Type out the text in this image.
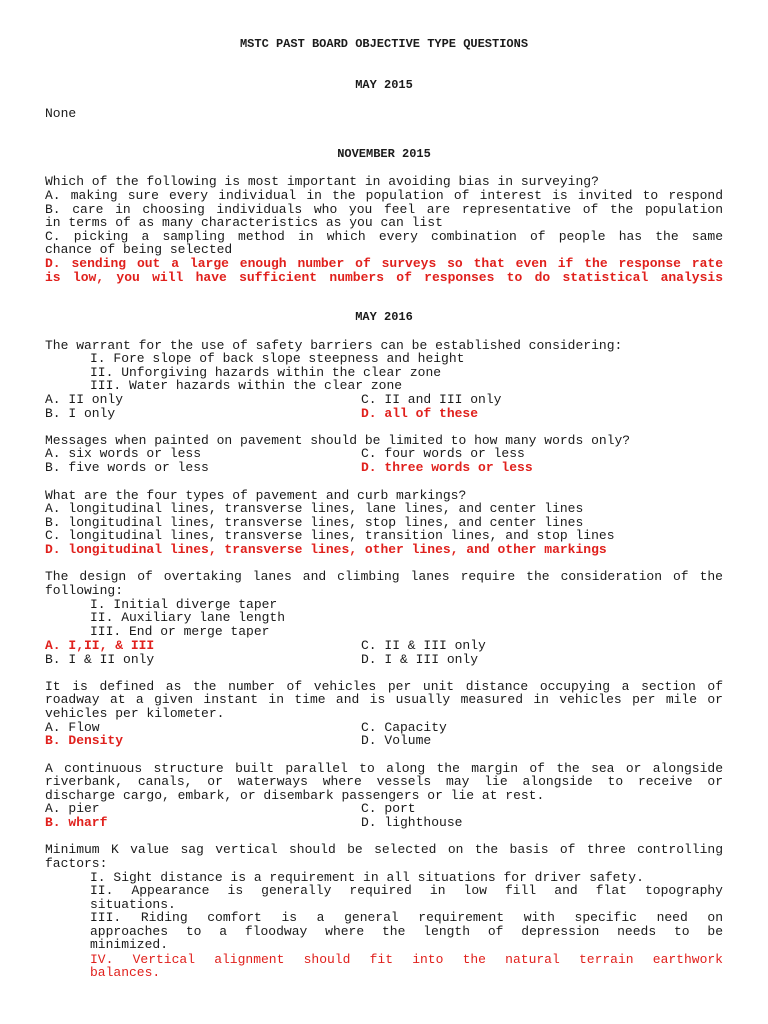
MSTC PAST BOARD OBJECTIVE TYPE QUESTIONS
MAY 2015
None
NOVEMBER 2015
Which of the following is most important in avoiding bias in surveying?
A. making sure every individual in the population of interest is invited to respond
B. care in choosing individuals who you feel are representative of the population
in terms of as many characteristics as you can list
C. picking a sampling method in which every combination of people has the same
chance of being selected
D. sending out a large enough number of surveys so that even if the response rate
is low, you will have sufficient numbers of responses to do statistical analysis
MAY 2016
The warrant for the use of safety barriers can be established considering:
I. Fore slope of back slope steepness and height
II. Unforgiving hazards within the clear zone
III. Water hazards within the clear zone
A. II only	C. II and III only
B. I only	D. all of these
Messages when painted on pavement should be limited to how many words only?
A. six words or less	C. four words or less
B. five words or less	D. three words or less
What are the four types of pavement and curb markings?
A. longitudinal lines, transverse lines, lane lines, and center lines
B. longitudinal lines, transverse lines, stop lines, and center lines
C. longitudinal lines, transverse lines, transition lines, and stop lines
D. longitudinal lines, transverse lines, other lines, and other markings
The design of overtaking lanes and climbing lanes require the consideration of the
following:
I. Initial diverge taper
II. Auxiliary lane length
III. End or merge taper
A. I,II, & III	C. II & III only
B. I & II only	D. I & III only
It is defined as the number of vehicles per unit distance occupying a section of
roadway at a given instant in time and is usually measured in vehicles per mile or
vehicles per kilometer.
A. Flow	C. Capacity
B. Density	D. Volume
A continuous structure built parallel to along the margin of the sea or alongside
riverbank, canals, or waterways where vessels may lie alongside to receive or
discharge cargo, embark, or disembark passengers or lie at rest.
A. pier	C. port
B. wharf	D. lighthouse
Minimum K value sag vertical should be selected on the basis of three controlling
factors:
I. Sight distance is a requirement in all situations for driver safety.
II. Appearance is generally required in low fill and flat topography
situations.
III. Riding comfort is a general requirement with specific need on
approaches to a floodway where the length of depression needs to be
minimized.
IV. Vertical alignment should fit into the natural terrain earthwork
balances.
